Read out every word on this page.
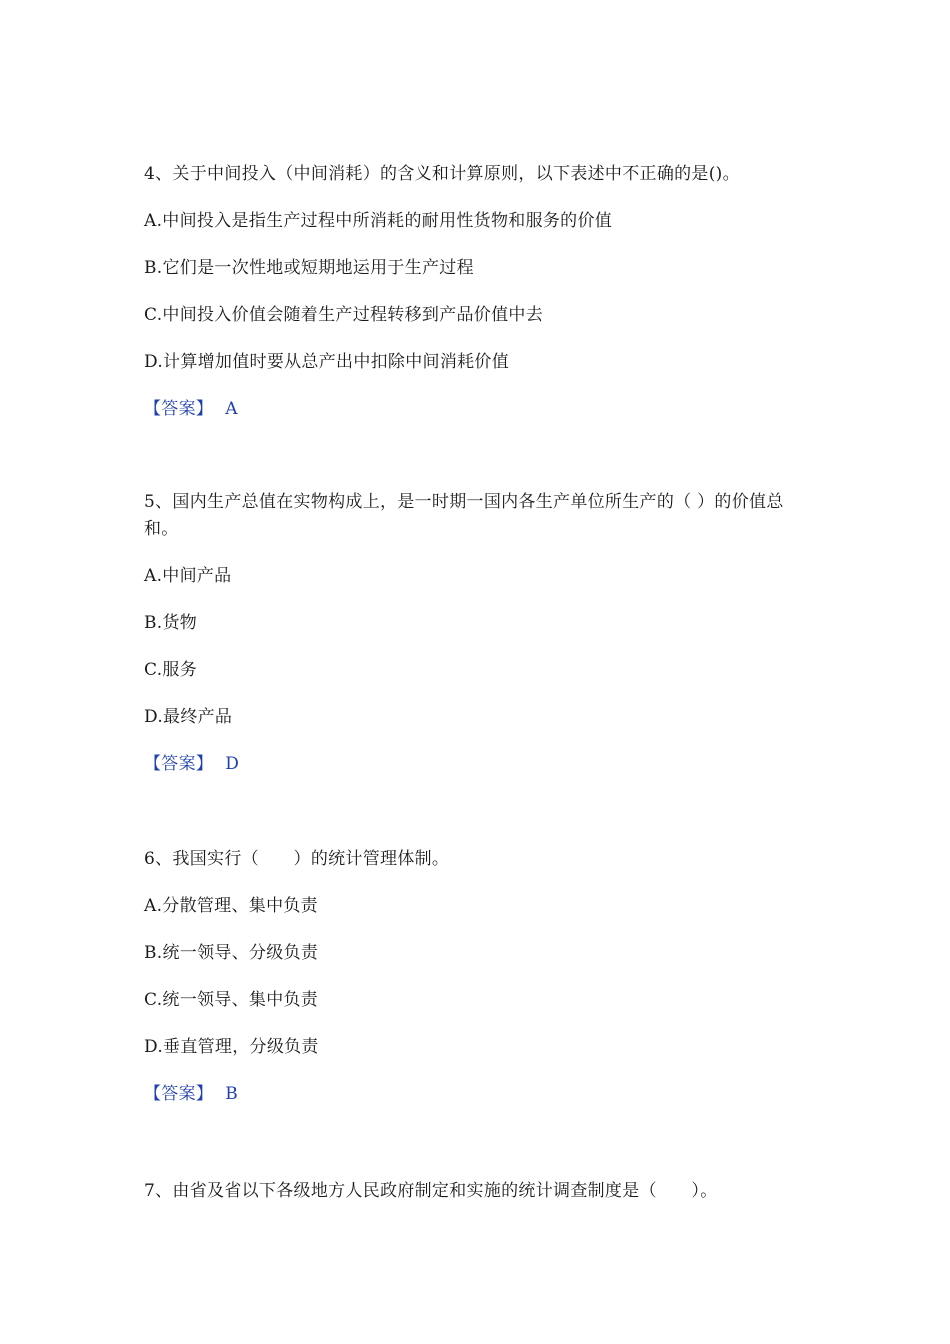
4、关于中间投入（中间消耗）的含义和计算原则，以下表述中不正确的是()。
A.中间投入是指生产过程中所消耗的耐用性货物和服务的价值
B.它们是一次性地或短期地运用于生产过程
C.中间投入价值会随着生产过程转移到产品价值中去
D.计算增加值时要从总产出中扣除中间消耗价值
【答案】 A
5、国内生产总值在实物构成上，是一时期一国内各生产单位所生产的（ ）的价值总和。
A.中间产品
B.货物
C.服务
D.最终产品
【答案】 D
6、我国实行（　　）的统计管理体制。
A.分散管理、集中负责
B.统一领导、分级负责
C.统一领导、集中负责
D.垂直管理，分级负责
【答案】 B
7、由省及省以下各级地方人民政府制定和实施的统计调查制度是（　　）。
